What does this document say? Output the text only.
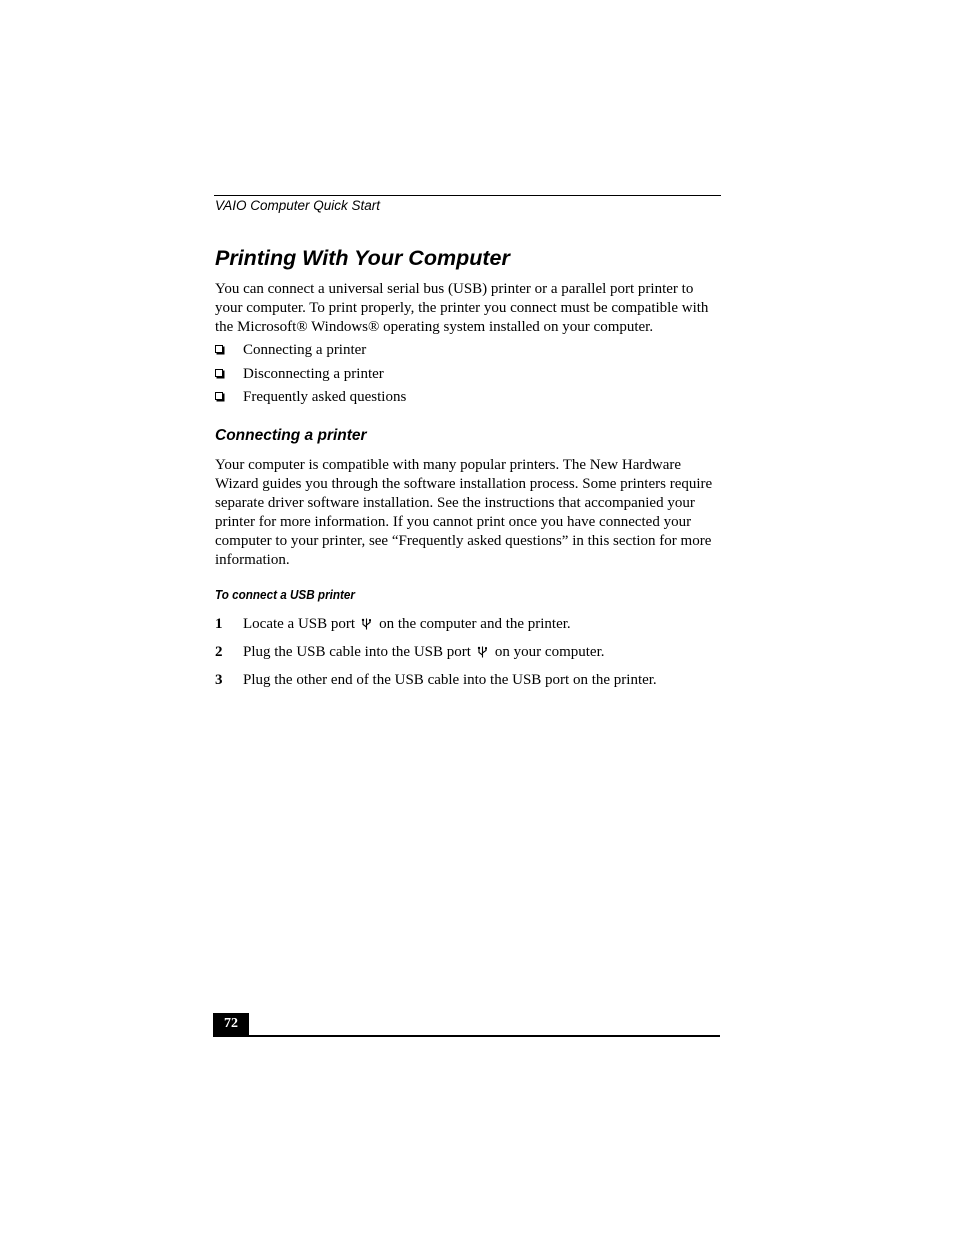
VAIO Computer Quick Start
Printing With Your Computer

You can connect a universal serial bus (USB) printer or a parallel port printer to your computer. To print properly, the printer you connect must be compatible with the Microsoft® Windows® operating system installed on your computer.

Connecting a printer
Disconnecting a printer
Frequently asked questions
Connecting a printer

Your computer is compatible with many popular printers. The New Hardware Wizard guides you through the software installation process. Some printers require separate driver software installation. See the instructions that accompanied your printer for more information. If you cannot print once you have connected your computer to your printer, see “Frequently asked questions” in this section for more information.

To connect a USB printer
1 Locate a USB port on the computer and the printer.
2 Plug the USB cable into the USB port on your computer.
3 Plug the other end of the USB cable into the USB port on the printer.
72
